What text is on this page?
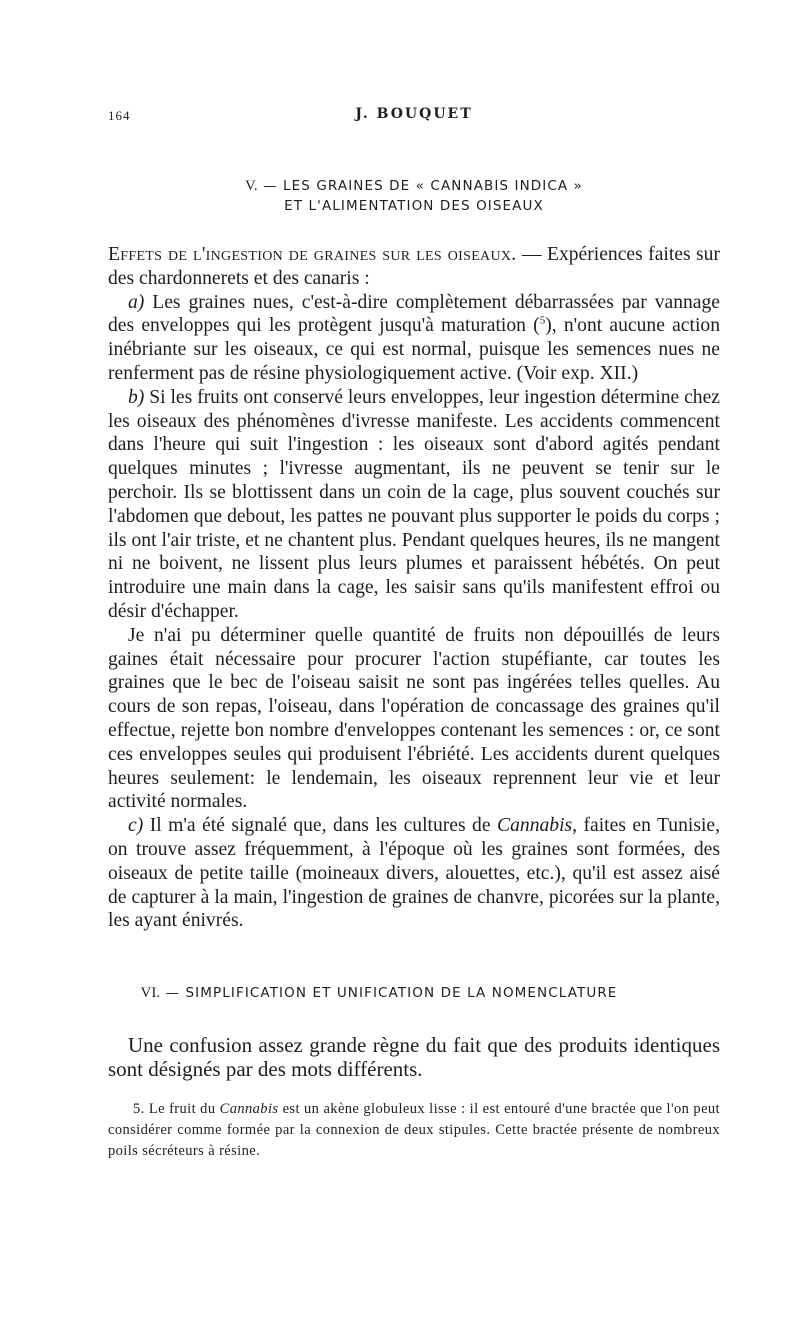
164	J. BOUQUET
V. — LES GRAINES DE « CANNABIS INDICA »
ET L'ALIMENTATION DES OISEAUX

Effets de l'ingestion de graines sur les oiseaux. — Expériences faites sur des chardonnerets et des canaris :

a) Les graines nues, c'est-à-dire complètement débarrassées par vannage des enveloppes qui les protègent jusqu'à maturation ($^5$), n'ont aucune action inébriante sur les oiseaux, ce qui est normal, puisque les semences nues ne renferment pas de résine physiologiquement active. (Voir exp. XII.)

b) Si les fruits ont conservé leurs enveloppes, leur ingestion détermine chez les oiseaux des phénomènes d'ivresse manifeste. Les accidents commencent dans l'heure qui suit l'ingestion : les oiseaux sont d'abord agités pendant quelques minutes ; l'ivresse augmentant, ils ne peuvent se tenir sur le perchoir. Ils se blottissent dans un coin de la cage, plus souvent couchés sur l'abdomen que debout, les pattes ne pouvant plus supporter le poids du corps ; ils ont l'air triste, et ne chantent plus. Pendant quelques heures, ils ne mangent ni ne boivent, ne lissent plus leurs plumes et paraissent hébétés. On peut introduire une main dans la cage, les saisir sans qu'ils manifestent effroi ou désir d'échapper.

Je n'ai pu déterminer quelle quantité de fruits non dépouillés de leurs gaines était nécessaire pour procurer l'action stupéfiante, car toutes les graines que le bec de l'oiseau saisit ne sont pas ingérées telles quelles. Au cours de son repas, l'oiseau, dans l'opération de concassage des graines qu'il effectue, rejette bon nombre d'enveloppes contenant les semences : or, ce sont ces enveloppes seules qui produisent l'ébriété. Les accidents durent quelques heures seulement: le lendemain, les oiseaux reprennent leur vie et leur activité normales.

c) Il m'a été signalé que, dans les cultures de Cannabis, faites en Tunisie, on trouve assez fréquemment, à l'époque où les graines sont formées, des oiseaux de petite taille (moineaux divers, alouettes, etc.), qu'il est assez aisé de capturer à la main, l'ingestion de graines de chanvre, picorées sur la plante, les ayant énivrés.

VI. — SIMPLIFICATION ET UNIFICATION DE LA NOMENCLATURE

Une confusion assez grande règne du fait que des produits identiques sont désignés par des mots différents.

5. Le fruit du Cannabis est un akène globuleux lisse : il est entouré d'une bractée que l'on peut considérer comme formée par la connexion de deux stipules. Cette bractée présente de nombreux poils sécréteurs à résine.
